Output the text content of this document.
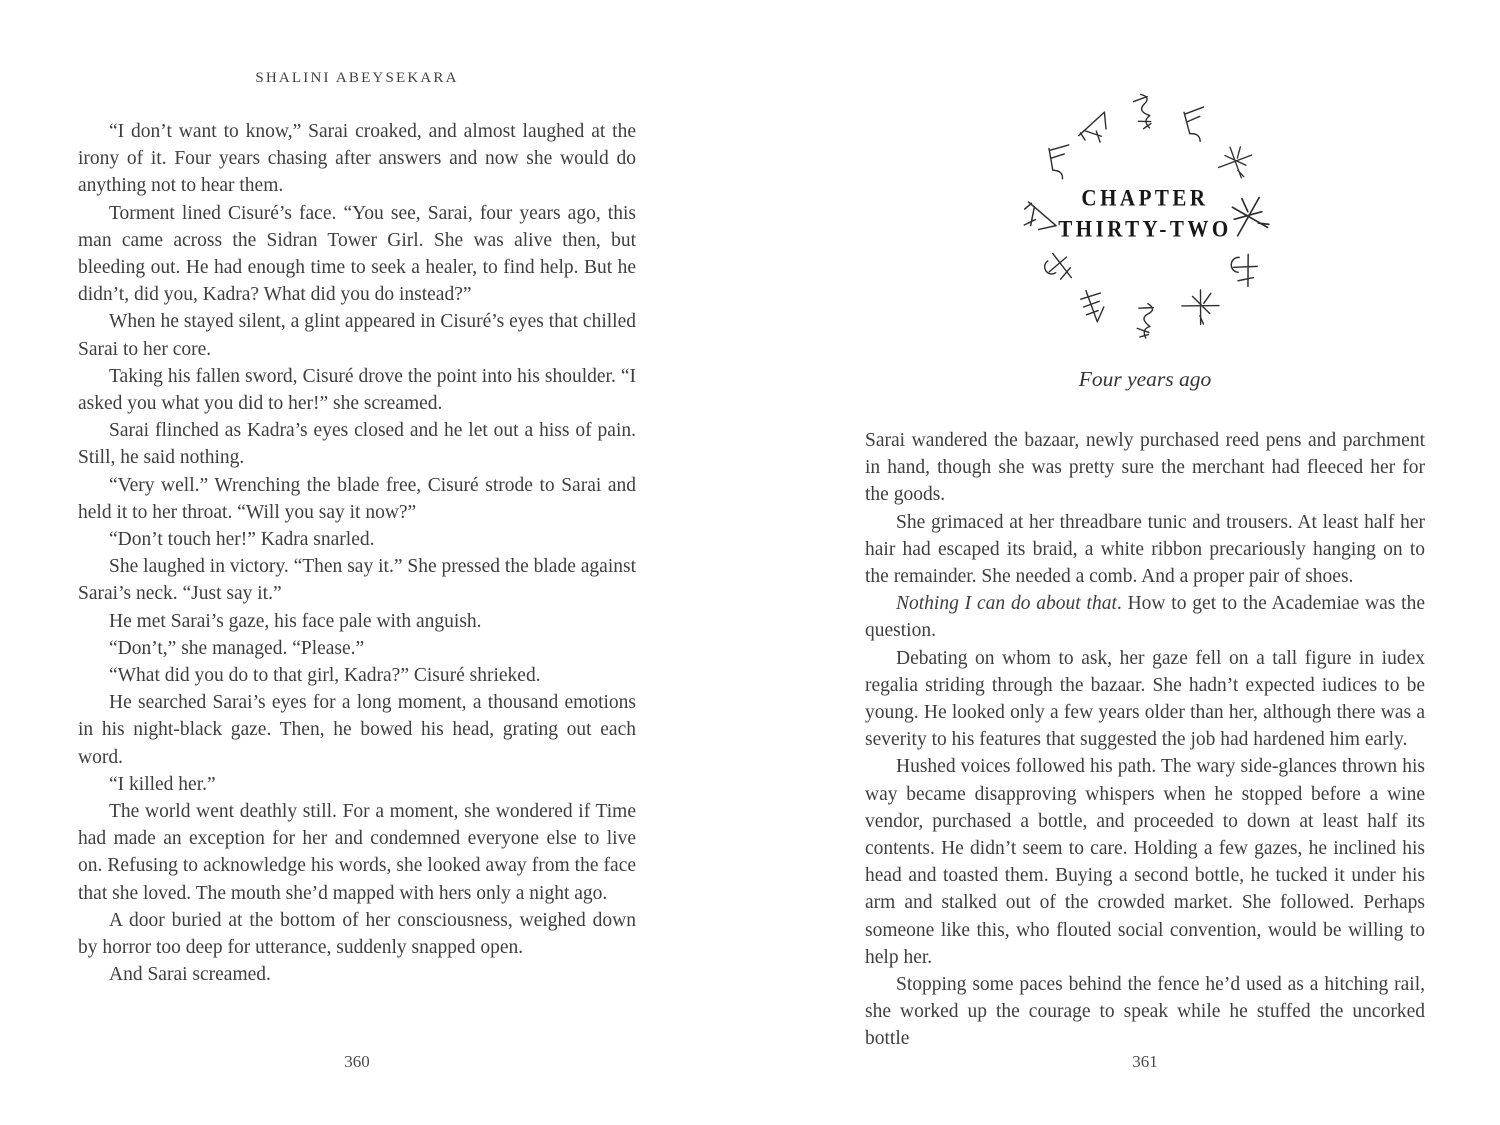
SHALINI ABEYSEKARA

“I don’t want to know,” Sarai croaked, and almost laughed at the irony of it. Four years chasing after answers and now she would do anything not to hear them.

Torment lined Cisuré’s face. “You see, Sarai, four years ago, this man came across the Sidran Tower Girl. She was alive then, but bleeding out. He had enough time to seek a healer, to find help. But he didn’t, did you, Kadra? What did you do instead?”

When he stayed silent, a glint appeared in Cisuré’s eyes that chilled Sarai to her core.

Taking his fallen sword, Cisuré drove the point into his shoulder. “I asked you what you did to her!” she screamed.

Sarai flinched as Kadra’s eyes closed and he let out a hiss of pain. Still, he said nothing.

“Very well.” Wrenching the blade free, Cisuré strode to Sarai and held it to her throat. “Will you say it now?”

“Don’t touch her!” Kadra snarled.

She laughed in victory. “Then say it.” She pressed the blade against Sarai’s neck. “Just say it.”

He met Sarai’s gaze, his face pale with anguish.

“Don’t,” she managed. “Please.”

“What did you do to that girl, Kadra?” Cisuré shrieked.

He searched Sarai’s eyes for a long moment, a thousand emotions in his night-black gaze. Then, he bowed his head, grating out each word.

“I killed her.”

The world went deathly still. For a moment, she wondered if Time had made an exception for her and condemned everyone else to live on. Refusing to acknowledge his words, she looked away from the face that she loved. The mouth she’d mapped with hers only a night ago.

A door buried at the bottom of her consciousness, weighed down by horror too deep for utterance, suddenly snapped open.

And Sarai screamed.

360
CHAPTER
THIRTY-TWO
Four years ago

Sarai wandered the bazaar, newly purchased reed pens and parchment in hand, though she was pretty sure the merchant had fleeced her for the goods.

She grimaced at her threadbare tunic and trousers. At least half her hair had escaped its braid, a white ribbon precariously hanging on to the remainder. She needed a comb. And a proper pair of shoes.

Nothing I can do about that. How to get to the Academiae was the question.

Debating on whom to ask, her gaze fell on a tall figure in iudex regalia striding through the bazaar. She hadn’t expected iudices to be young. He looked only a few years older than her, although there was a severity to his features that suggested the job had hardened him early.

Hushed voices followed his path. The wary side-glances thrown his way became disapproving whispers when he stopped before a wine vendor, purchased a bottle, and proceeded to down at least half its contents. He didn’t seem to care. Holding a few gazes, he inclined his head and toasted them. Buying a second bottle, he tucked it under his arm and stalked out of the crowded market. She followed. Perhaps someone like this, who flouted social convention, would be willing to help her.

Stopping some paces behind the fence he’d used as a hitching rail, she worked up the courage to speak while he stuffed the uncorked bottle

361
